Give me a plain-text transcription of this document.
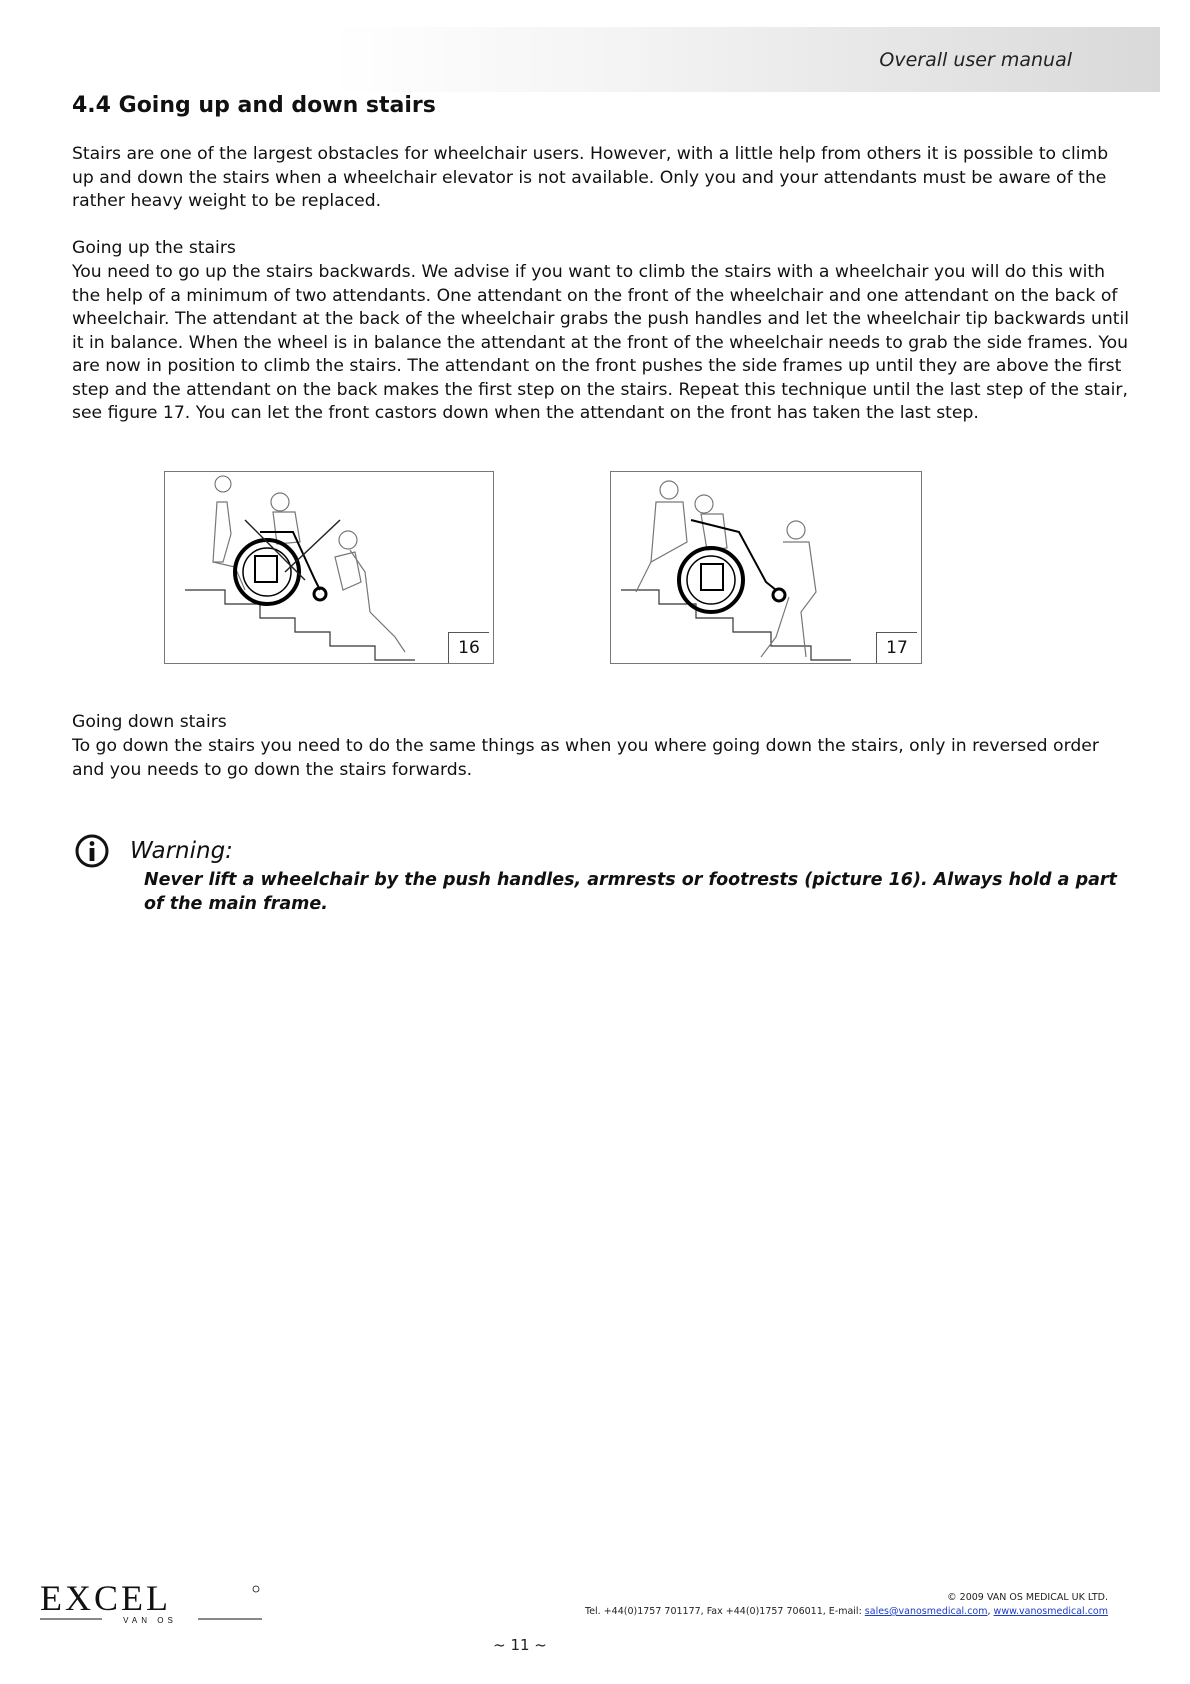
Overall user manual
4.4 Going up and down stairs

Stairs are one of the largest obstacles for wheelchair users. However, with a little help from others it is possible to climb up and down the stairs when a wheelchair elevator is not available. Only you and your attendants must be aware of the rather heavy weight to be replaced.

Going up the stairs

You need to go up the stairs backwards. We advise if you want to climb the stairs with a wheelchair you will do this with the help of a minimum of two attendants. One attendant on the front of the wheelchair and one attendant on the back of wheelchair. The attendant at the back of the wheelchair grabs the push handles and let the wheelchair tip backwards until it in balance. When the wheel is in balance the attendant at the front of the wheelchair needs to grab the side frames. You are now in position to climb the stairs. The attendant on the front pushes the side frames up until they are above the first step and the attendant on the back makes the first step on the stairs. Repeat this technique until the last step of the stair, see figure 17. You can let the front castors down when the attendant on the front has taken the last step.

16	17

Going down stairs

To go down the stairs you need to do the same things as when you where going down the stairs, only in reversed order and you needs to go down the stairs forwards.

Warning:

Never lift a wheelchair by the push handles, armrests or footrests (picture 16). Always hold a part of the main frame.

EXCEL
VAN OS
© 2009 VAN OS MEDICAL UK LTD.
Tel. +44(0)1757 701177, Fax +44(0)1757 706011, E-mail: sales@vanosmedical.com, www.vanosmedical.com
~ 11 ~
